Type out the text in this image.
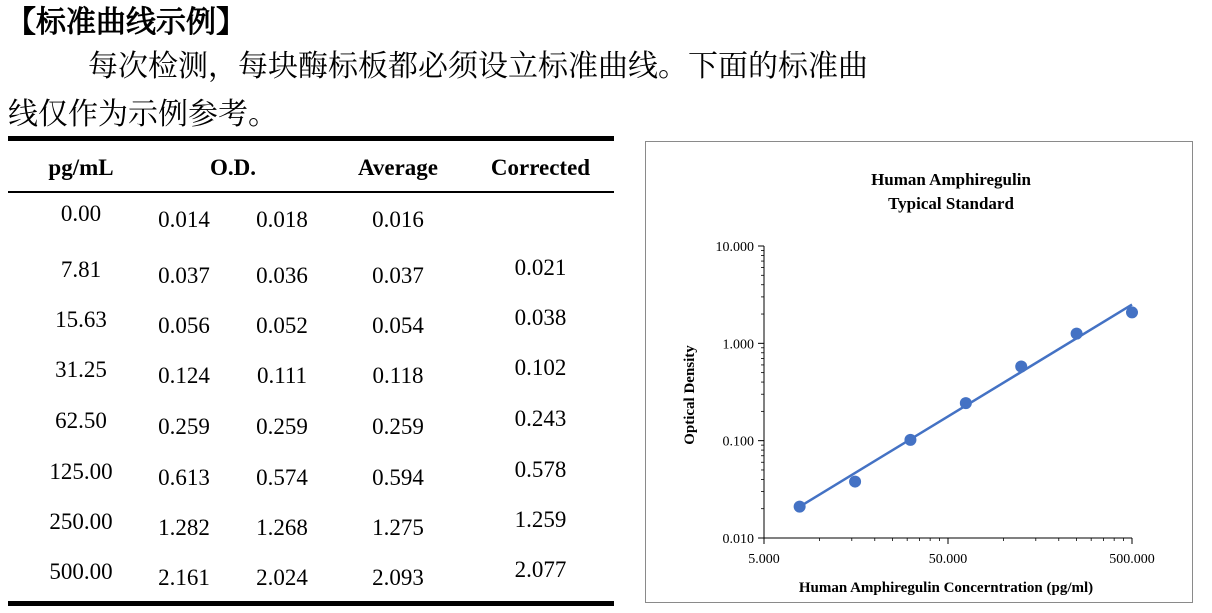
【标准曲线示例】
每次检测，每块酶标板都必须设立标准曲线。下面的标准曲
线仅作为示例参考。
pg/mL	O.D.	Average	Corrected
0.00	0.014	0.018	0.016
7.81	0.037	0.036	0.037	0.021
15.63	0.056	0.052	0.054	0.038
31.25	0.124	0.111	0.118	0.102
62.50	0.259	0.259	0.259	0.243
125.00	0.613	0.574	0.594	0.578
250.00	1.282	1.268	1.275	1.259
500.00	2.161	2.024	2.093	2.077
Human Amphiregulin
Typical Standard
Human Amphiregulin Concerntration (pg/ml)
Optical Density
0.010
0.100
1.000
10.000
5.000	50.000	500.000
